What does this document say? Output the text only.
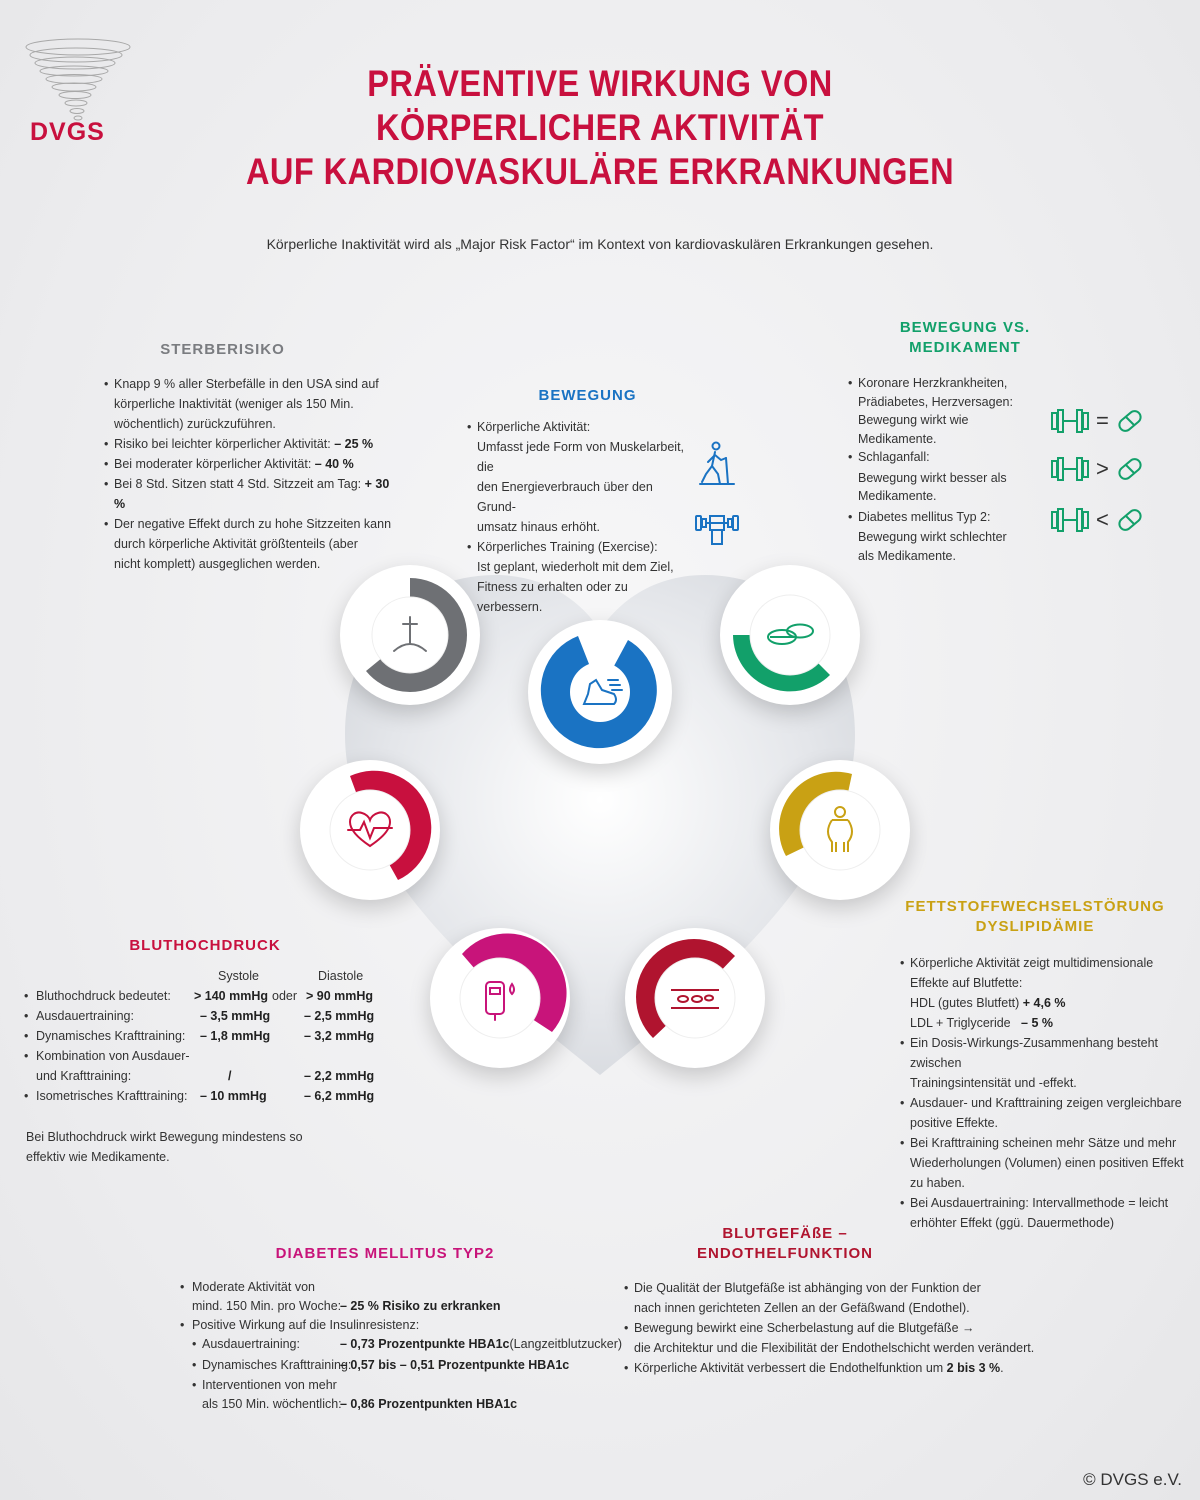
DVGS
PRÄVENTIVE WIRKUNG VON
KÖRPERLICHER AKTIVITÄT
AUF KARDIOVASKULÄRE ERKRANKUNGEN
Körperliche Inaktivität wird als „Major Risk Factor“ im Kontext von kardiovaskulären Erkrankungen gesehen.
STERBERISIKO
• Knapp 9 % aller Sterbefälle in den USA sind auf
körperliche Inaktivität (weniger als 150 Min.
wöchentlich) zurückzuführen.
• Risiko bei leichter körperlicher Aktivität: – 25 %
• Bei moderater körperlicher Aktivität: – 40 %
• Bei 8 Std. Sitzen statt 4 Std. Sitzzeit am Tag: + 30 %
• Der negative Effekt durch zu hohe Sitzzeiten kann
durch körperliche Aktivität größtenteils (aber
nicht komplett) ausgeglichen werden.
BEWEGUNG
• Körperliche Aktivität:
Umfasst jede Form von Muskelarbeit, die
den Energieverbrauch über den Grund-
umsatz hinaus erhöht.
• Körperliches Training (Exercise):
Ist geplant, wiederholt mit dem Ziel,
Fitness zu erhalten oder zu verbessern.
BEWEGUNG VS.
MEDIKAMENT
• Koronare Herzkrankheiten,
Prädiabetes, Herzversagen:
Bewegung wirkt wie Medikamente.
• Schlaganfall:
Bewegung wirkt besser als
Medikamente.
• Diabetes mellitus Typ 2:
Bewegung wirkt schlechter
als Medikamente.
=
>
<
BLUTHOCHDRUCK
Systole	Diastole
• Bluthochdruck bedeutet: > 140 mmHg oder > 90 mmHg
• Ausdauertraining:	– 3,5 mmHg	– 2,5 mmHg
• Dynamisches Krafttraining: – 1,8 mmHg	– 3,2 mmHg
• Kombination von Ausdauer-
und Krafttraining:	/	– 2,2 mmHg
• Isometrisches Krafttraining: – 10 mmHg	– 6,2 mmHg
Bei Bluthochdruck wirkt Bewegung mindestens so
effektiv wie Medikamente.
FETTSTOFFWECHSELSTÖRUNG
DYSLIPIDÄMIE
• Körperliche Aktivität zeigt multidimensionale
Effekte auf Blutfette:
HDL (gutes Blutfett) + 4,6 %
LDL + Triglyceride   – 5 %
• Ein Dosis-Wirkungs-Zusammenhang besteht zwischen
Trainingsintensität und -effekt.
• Ausdauer- und Krafttraining zeigen vergleichbare
positive Effekte.
• Bei Krafttraining scheinen mehr Sätze und mehr
Wiederholungen (Volumen) einen positiven Effekt
zu haben.
• Bei Ausdauertraining: Intervallmethode = leicht
erhöhter Effekt (ggü. Dauermethode)
DIABETES MELLITUS TYP2
• Moderate Aktivität von
mind. 150 Min. pro Woche:
– 25 % Risiko zu erkranken
• Positive Wirkung auf die Insulinresistenz:
• Ausdauertraining:	– 0,73 Prozentpunkte HBA1c (Langzeitblutzucker)
• Dynamisches Krafttraining:
– 0,57 bis – 0,51 Prozentpunkte HBA1c
• Interventionen von mehr
als 150 Min. wöchentlich:
– 0,86 Prozentpunkten HBA1c
BLUTGEFÄßE –
ENDOTHELFUNKTION
• Die Qualität der Blutgefäße ist abhänging von der Funktion der
nach innen gerichteten Zellen an der Gefäßwand (Endothel).
• Bewegung bewirkt eine Scherbelastung auf die Blutgefäße →
die Architektur und die Flexibilität der Endothelschicht werden verändert.
• Körperliche Aktivität verbessert die Endothelfunktion um 2 bis 3 %.
© DVGS e.V.
